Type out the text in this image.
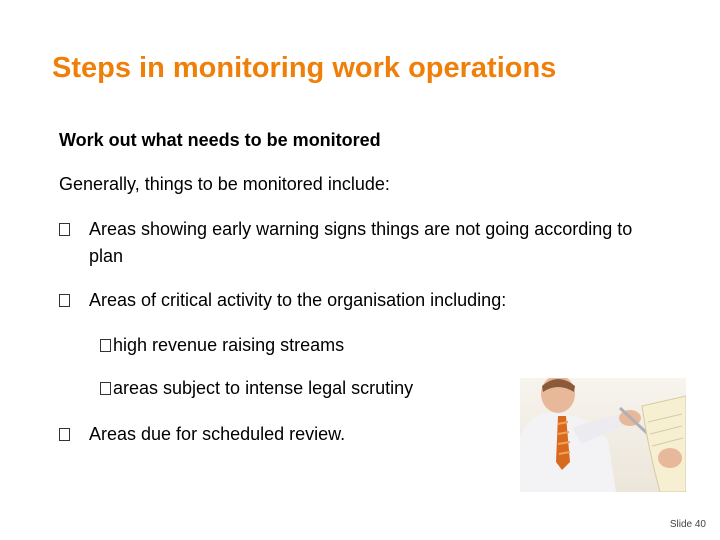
Steps in monitoring work operations
Work out what needs to be monitored
Generally, things to be monitored include:
Areas showing early warning signs things are not going according to plan
Areas of critical activity to the organisation including:
high revenue raising streams
areas subject to intense legal scrutiny
Areas due for scheduled review.
Slide 40
